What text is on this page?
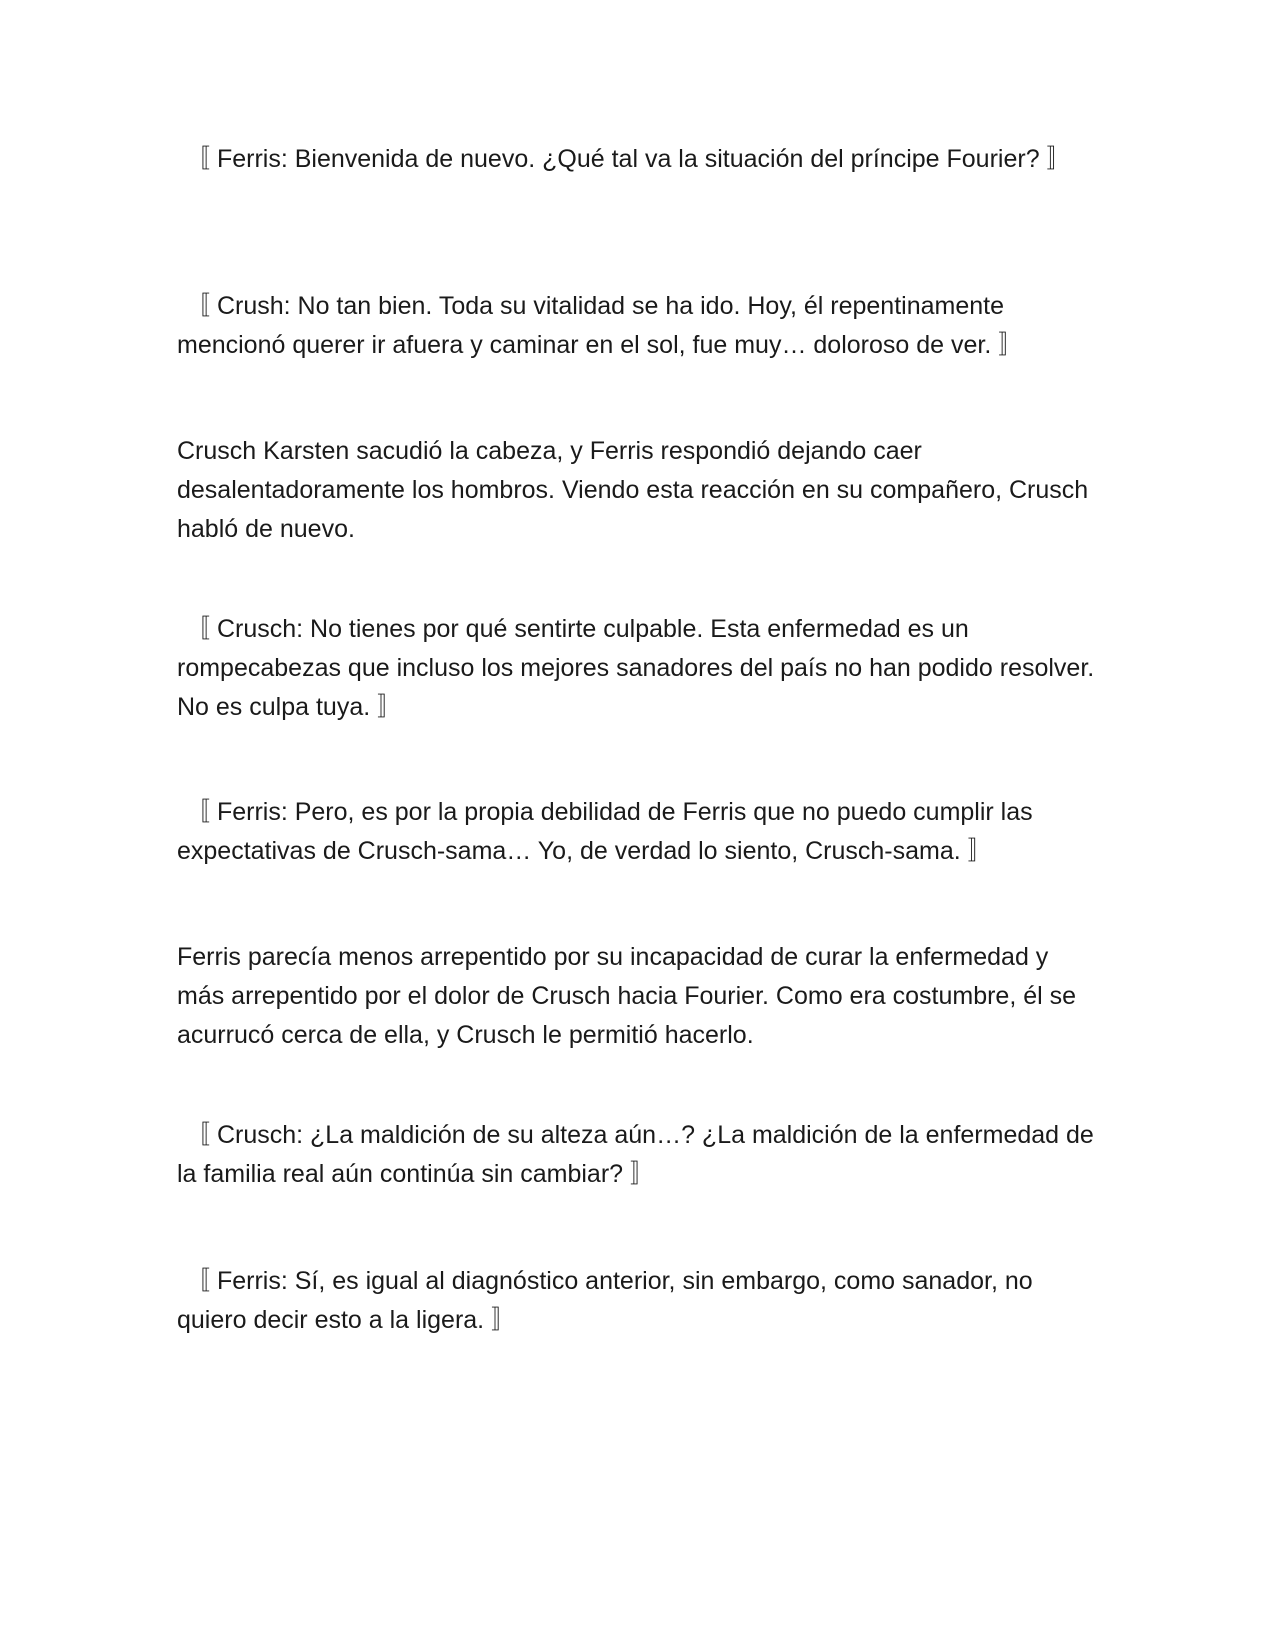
〚 Ferris: Bienvenida de nuevo. ¿Qué tal va la situación del príncipe Fourier? 〛

〚 Crush: No tan bien. Toda su vitalidad se ha ido. Hoy, él repentinamente mencionó querer ir afuera y caminar en el sol, fue muy… doloroso de ver. 〛

Crusch Karsten sacudió la cabeza, y Ferris respondió dejando caer desalentadoramente los hombros. Viendo esta reacción en su compañero, Crusch habló de nuevo.

〚 Crusch: No tienes por qué sentirte culpable. Esta enfermedad es un rompecabezas que incluso los mejores sanadores del país no han podido resolver. No es culpa tuya. 〛

〚 Ferris: Pero, es por la propia debilidad de Ferris que no puedo cumplir las expectativas de Crusch-sama… Yo, de verdad lo siento, Crusch-sama. 〛

Ferris parecía menos arrepentido por su incapacidad de curar la enfermedad y más arrepentido por el dolor de Crusch hacia Fourier. Como era costumbre, él se acurrucó cerca de ella, y Crusch le permitió hacerlo.

〚 Crusch: ¿La maldición de su alteza aún…? ¿La maldición de la enfermedad de la familia real aún continúa sin cambiar? 〛

〚 Ferris: Sí, es igual al diagnóstico anterior, sin embargo, como sanador, no quiero decir esto a la ligera. 〛
